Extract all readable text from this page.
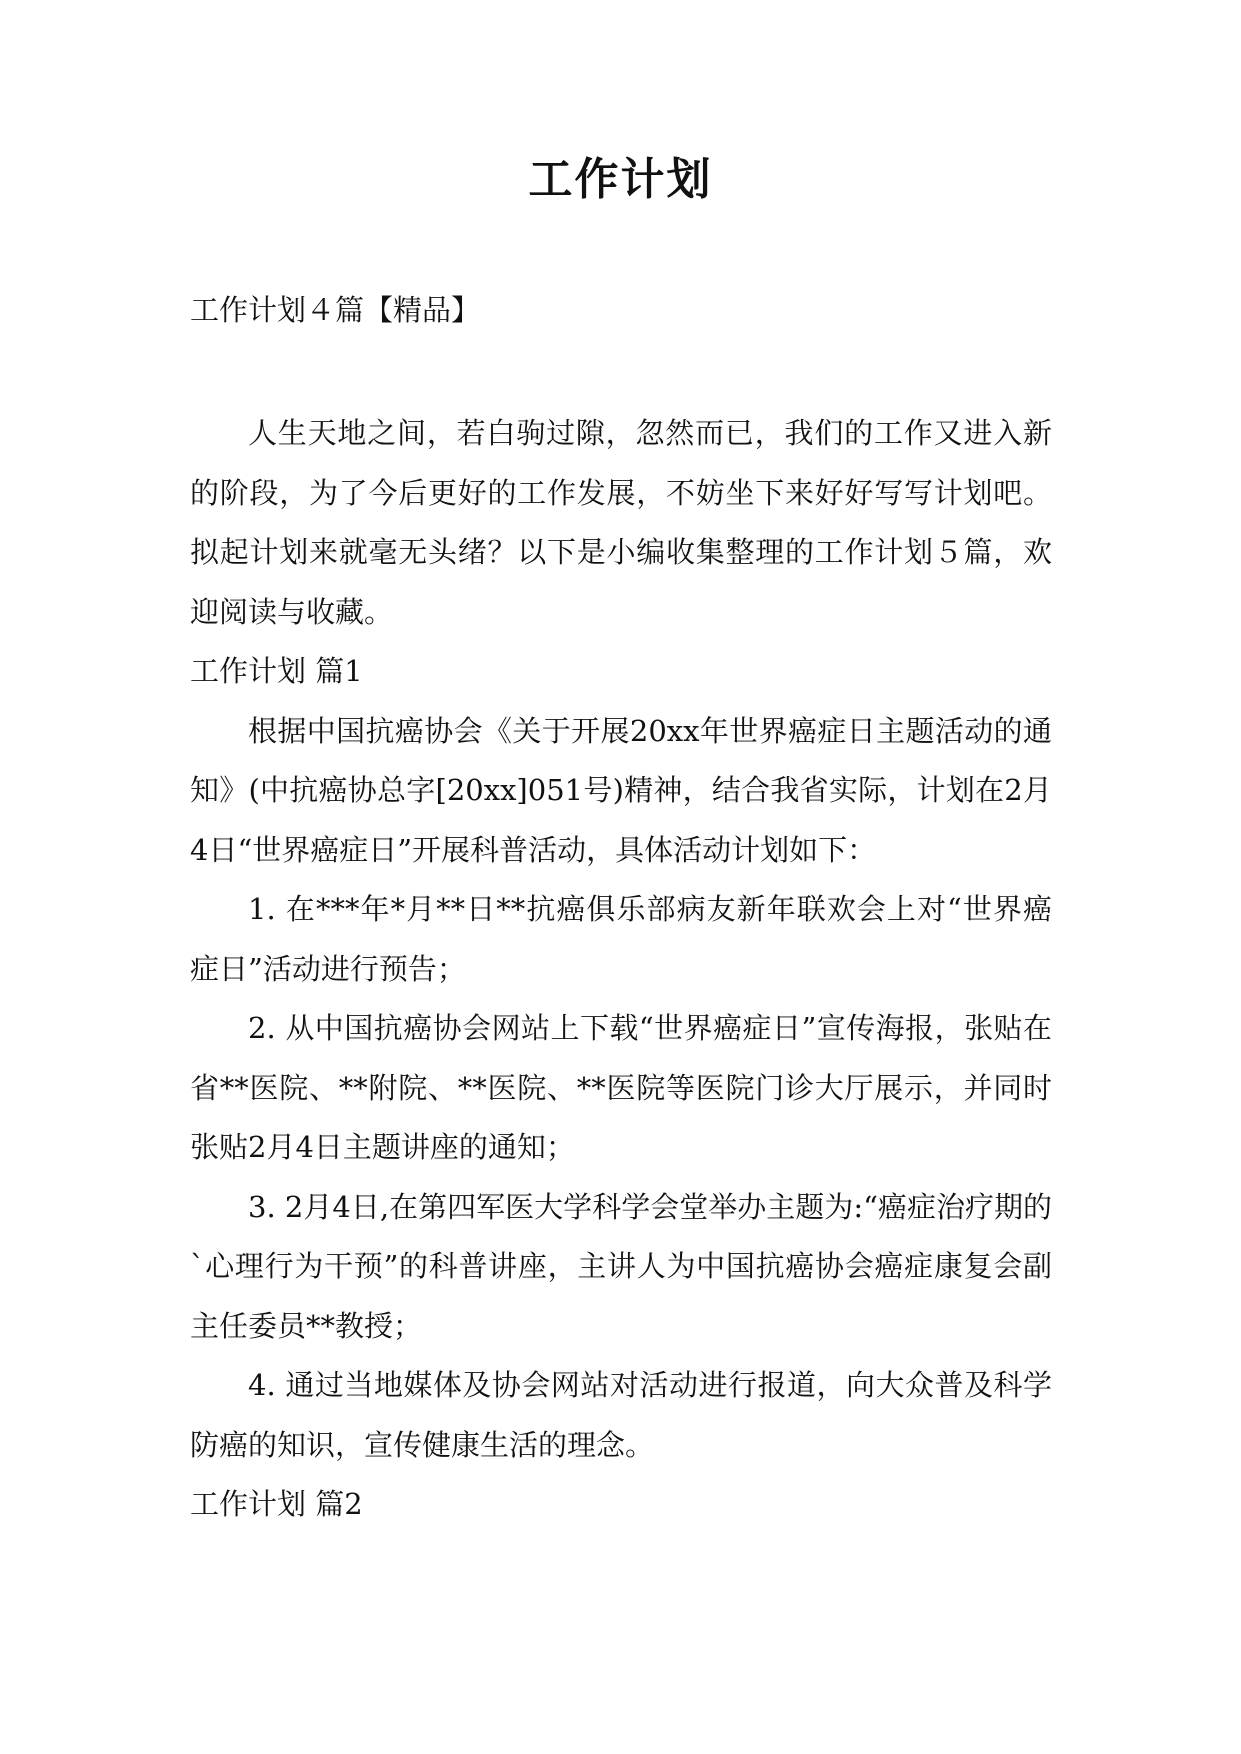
工作计划
工作计划４篇【精品】

人生天地之间，若白驹过隙，忽然而已，我们的工作又进入新的阶段，为了今后更好的工作发展，不妨坐下来好好写写计划吧。拟起计划来就毫无头绪？以下是小编收集整理的工作计划５篇，欢迎阅读与收藏。

工作计划 篇1

根据中国抗癌协会《关于开展20xx年世界癌症日主题活动的通知》(中抗癌协总字[20xx]051号)精神，结合我省实际，计划在2月4日“世界癌症日”开展科普活动，具体活动计划如下：

1. 在***年*月**日**抗癌俱乐部病友新年联欢会上对“世界癌症日”活动进行预告；

2. 从中国抗癌协会网站上下载“世界癌症日”宣传海报，张贴在省**医院、**附院、**医院、**医院等医院门诊大厅展示，并同时张贴2月4日主题讲座的通知；

3. 2月4日,在第四军医大学科学会堂举办主题为:“癌症治疗期的`心理行为干预”的科普讲座，主讲人为中国抗癌协会癌症康复会副主任委员**教授；

4. 通过当地媒体及协会网站对活动进行报道，向大众普及科学防癌的知识，宣传健康生活的理念。

工作计划 篇2
